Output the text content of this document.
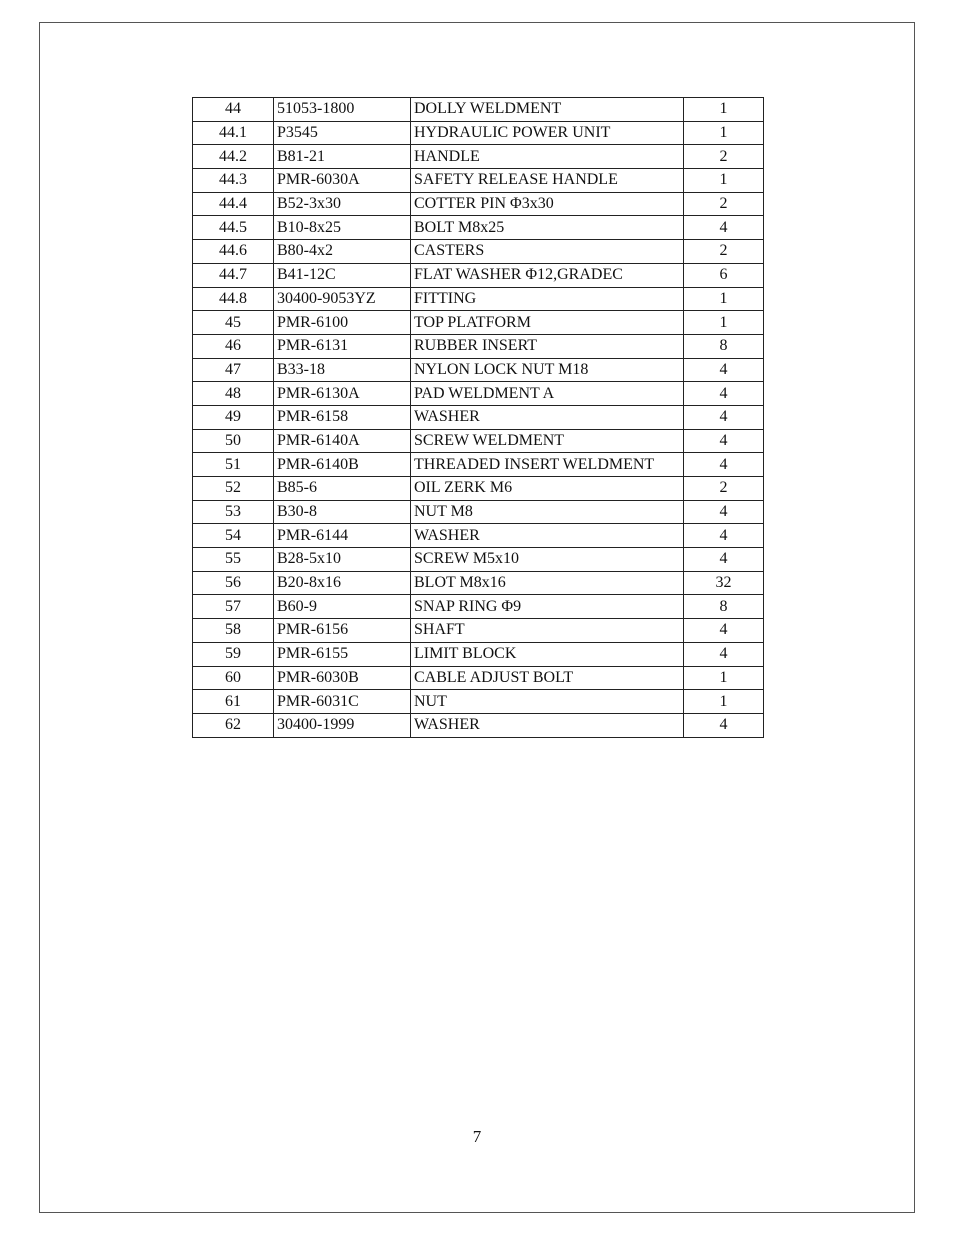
44	51053-1800	DOLLY WELDMENT	1
44.1	P3545	HYDRAULIC POWER UNIT	1
44.2	B81-21	HANDLE	2
44.3	PMR-6030A	SAFETY RELEASE HANDLE	1
44.4	B52-3x30	COTTER PIN Φ3x30	2
44.5	B10-8x25	BOLT M8x25	4
44.6	B80-4x2	CASTERS	2
44.7	B41-12C	FLAT WASHER Φ12,GRADEC	6
44.8	30400-9053YZ	FITTING	1
45	PMR-6100	TOP PLATFORM	1
46	PMR-6131	RUBBER INSERT	8
47	B33-18	NYLON LOCK NUT M18	4
48	PMR-6130A	PAD WELDMENT A	4
49	PMR-6158	WASHER	4
50	PMR-6140A	SCREW WELDMENT	4
51	PMR-6140B	THREADED INSERT WELDMENT	4
52	B85-6	OIL ZERK M6	2
53	B30-8	NUT M8	4
54	PMR-6144	WASHER	4
55	B28-5x10	SCREW M5x10	4
56	B20-8x16	BLOT M8x16	32
57	B60-9	SNAP RING Φ9	8
58	PMR-6156	SHAFT	4
59	PMR-6155	LIMIT BLOCK	4
60	PMR-6030B	CABLE ADJUST BOLT	1
61	PMR-6031C	NUT	1
62	30400-1999	WASHER	4
7
